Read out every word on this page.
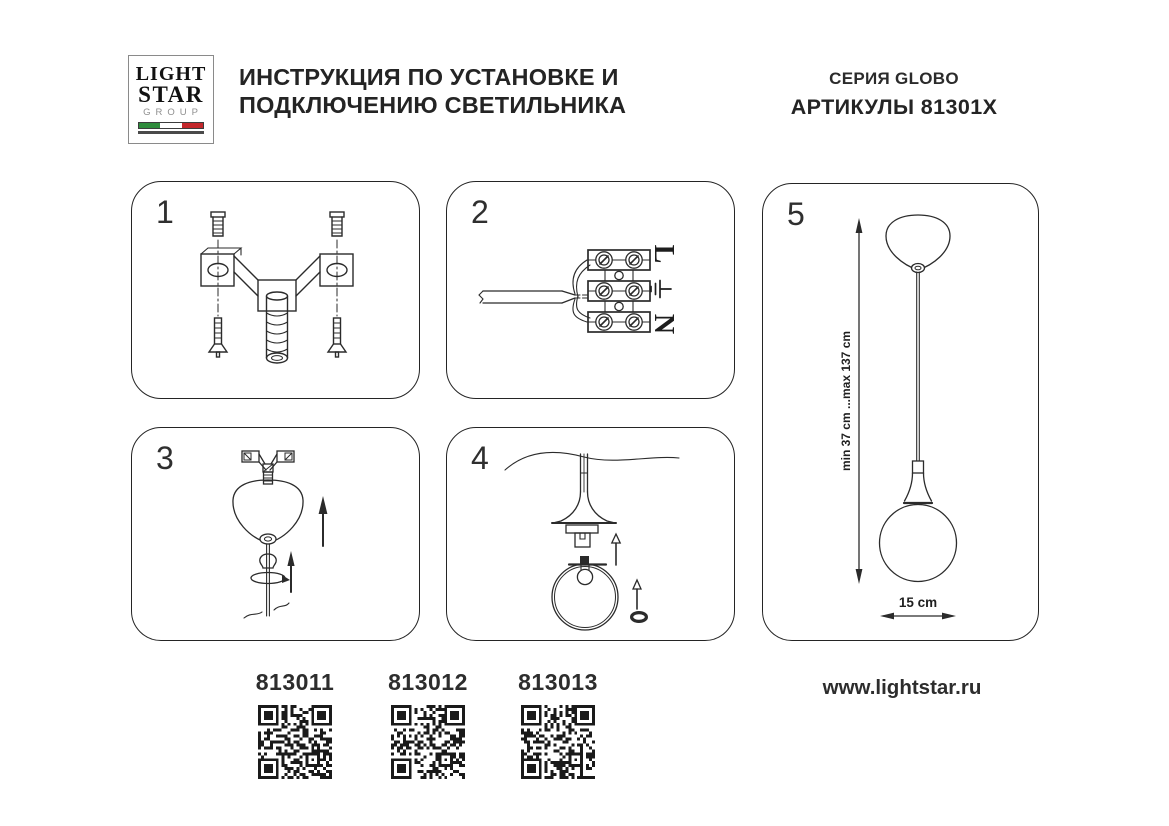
LIGHT
STAR
GROUP
ИНСТРУКЦИЯ ПО УСТАНОВКЕ И
ПОДКЛЮЧЕНИЮ СВЕТИЛЬНИКА
СЕРИЯ GLOBO
АРТИКУЛЫ 81301X
1	2
L
N
3	4
5
min 37 cm ...max 137 cm
15 cm
813011	813012	813013	www.lightstar.ru
